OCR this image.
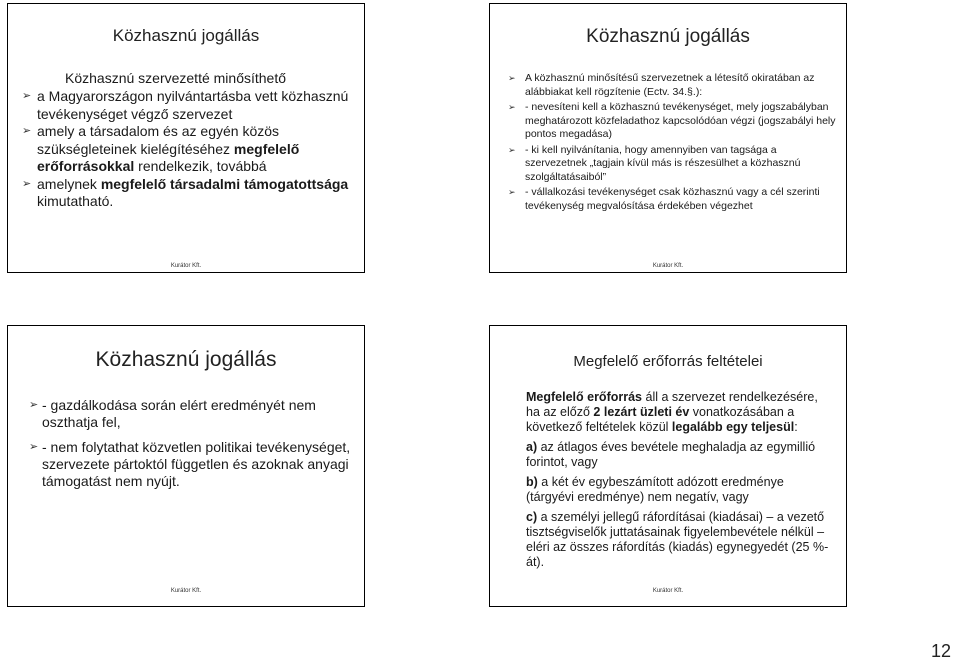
Közhasznú jogállás
Közhasznú szervezetté minősíthető
➢ a Magyarországon nyilvántartásba vett közhasznú tevékenységet végző szervezet
➢ amely a társadalom és az egyén közös szükségleteinek kielégítéséhez megfelelő erőforrásokkal rendelkezik, továbbá
➢ amelynek megfelelő társadalmi támogatottsága kimutatható.
Kurátor Kft.
Közhasznú jogállás
➢ A közhasznú minősítésű szervezetnek a létesítő okiratában az alábbiakat kell rögzítenie (Ectv. 34.§.):
➢ - nevesíteni kell a közhasznú tevékenységet, mely jogszabályban meghatározott közfeladathoz kapcsolódóan végzi (jogszabályi hely pontos megadása)
➢ - ki kell nyilvánítania, hogy amennyiben van tagsága a szervezetnek „tagjain kívül más is részesülhet a közhasznú szolgáltatásaiból”
➢ - vállalkozási tevékenységet csak közhasznú vagy a cél szerinti tevékenység megvalósítása érdekében végezhet
Kurátor Kft.
Közhasznú jogállás
➢ - gazdálkodása során elért eredményét nem oszthatja fel,
➢ - nem folytathat közvetlen politikai tevékenységet, szervezete pártoktól független és azoknak anyagi támogatást nem nyújt.
Kurátor Kft.
Megfelelő erőforrás feltételei

Megfelelő erőforrás áll a szervezet rendelkezésére, ha az előző 2 lezárt üzleti év vonatkozásában a következő feltételek közül legalább egy teljesül:

a) az átlagos éves bevétele meghaladja az egymillió forintot, vagy

b) a két év egybeszámított adózott eredménye (tárgyévi eredménye) nem negatív, vagy

c) a személyi jellegű ráfordításai (kiadásai) – a vezető tisztségviselők juttatásainak figyelembevétele nélkül – eléri az összes ráfordítás (kiadás) egynegyedét (25 %-át).

Kurátor Kft.
12
